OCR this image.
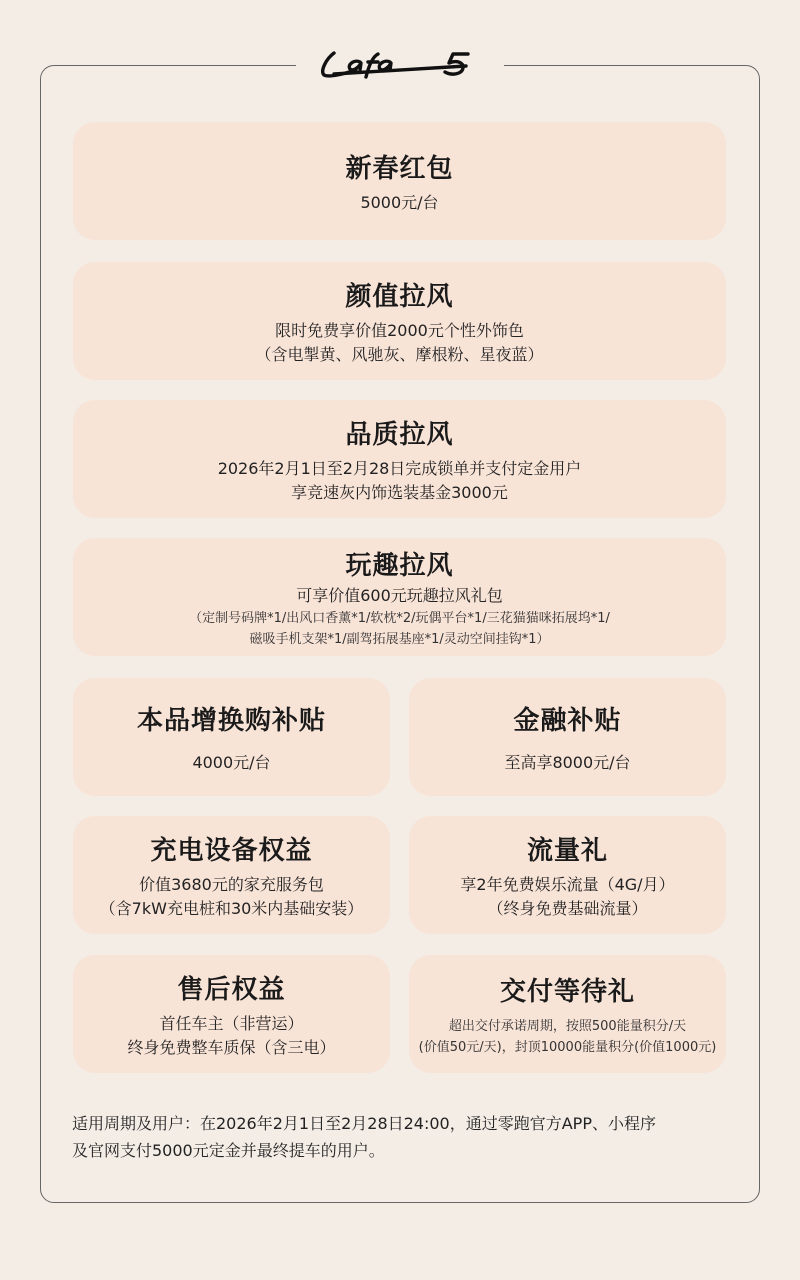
Lafa5
新春红包
5000元/台
颜值拉风
限时免费享价值2000元个性外饰色
（含电掣黄、风驰灰、摩根粉、星夜蓝）
品质拉风
2026年2月1日至2月28日完成锁单并支付定金用户
享竞速灰内饰选装基金3000元
玩趣拉风
可享价值600元玩趣拉风礼包
（定制号码牌*1/出风口香薰*1/软枕*2/玩偶平台*1/三花猫猫咪拓展坞*1/
磁吸手机支架*1/副驾拓展基座*1/灵动空间挂钩*1）
本品增换购补贴
4000元/台
金融补贴
至高享8000元/台
充电设备权益
价值3680元的家充服务包
（含7kW充电桩和30米内基础安装）
流量礼
享2年免费娱乐流量（4G/月）
（终身免费基础流量）
售后权益
首任车主（非营运）
终身免费整车质保（含三电）
交付等待礼
超出交付承诺周期，按照500能量积分/天
(价值50元/天)，封顶10000能量积分(价值1000元)
适用周期及用户：在2026年2月1日至2月28日24:00，通过零跑官方APP、小程序
及官网支付5000元定金并最终提车的用户。
